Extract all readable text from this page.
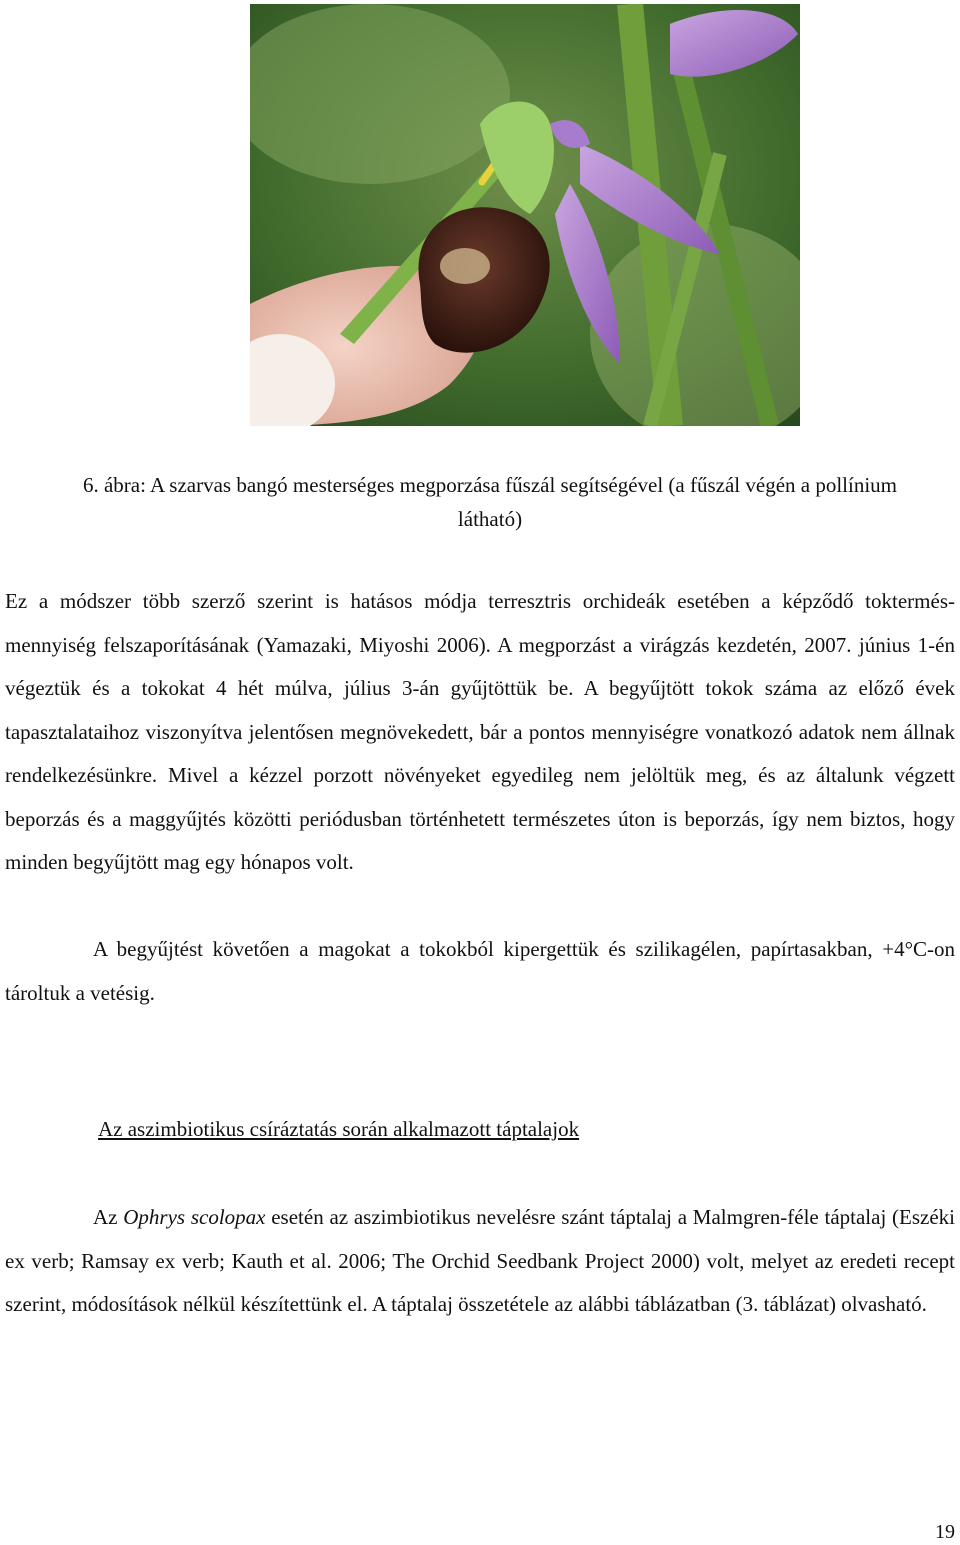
6. ábra: A szarvas bangó mesterséges megporzása fűszál segítségével (a fűszál végén a pollínium látható)

Ez a módszer több szerző szerint is hatásos módja terresztris orchideák esetében a képződő toktermés-mennyiség felszaporításának (Yamazaki, Miyoshi 2006). A megporzást a virágzás kezdetén, 2007. június 1-én végeztük és a tokokat 4 hét múlva, július 3-án gyűjtöttük be. A begyűjtött tokok száma az előző évek tapasztalataihoz viszonyítva jelentősen megnövekedett, bár a pontos mennyiségre vonatkozó adatok nem állnak rendelkezésünkre. Mivel a kézzel porzott növényeket egyedileg nem jelöltük meg, és az általunk végzett beporzás és a maggyűjtés közötti periódusban történhetett természetes úton is beporzás, így nem biztos, hogy minden begyűjtött mag egy hónapos volt.

A begyűjtést követően a magokat a tokokból kipergettük és szilikagélen, papírtasakban, +4°C-on tároltuk a vetésig.

Az aszimbiotikus csíráztatás során alkalmazott táptalajok

Az Ophrys scolopax esetén az aszimbiotikus nevelésre szánt táptalaj a Malmgren-féle táptalaj (Eszéki ex verb; Ramsay ex verb; Kauth et al. 2006; The Orchid Seedbank Project 2000) volt, melyet az eredeti recept szerint, módosítások nélkül készítettünk el. A táptalaj összetétele az alábbi táblázatban (3. táblázat) olvasható.

19
